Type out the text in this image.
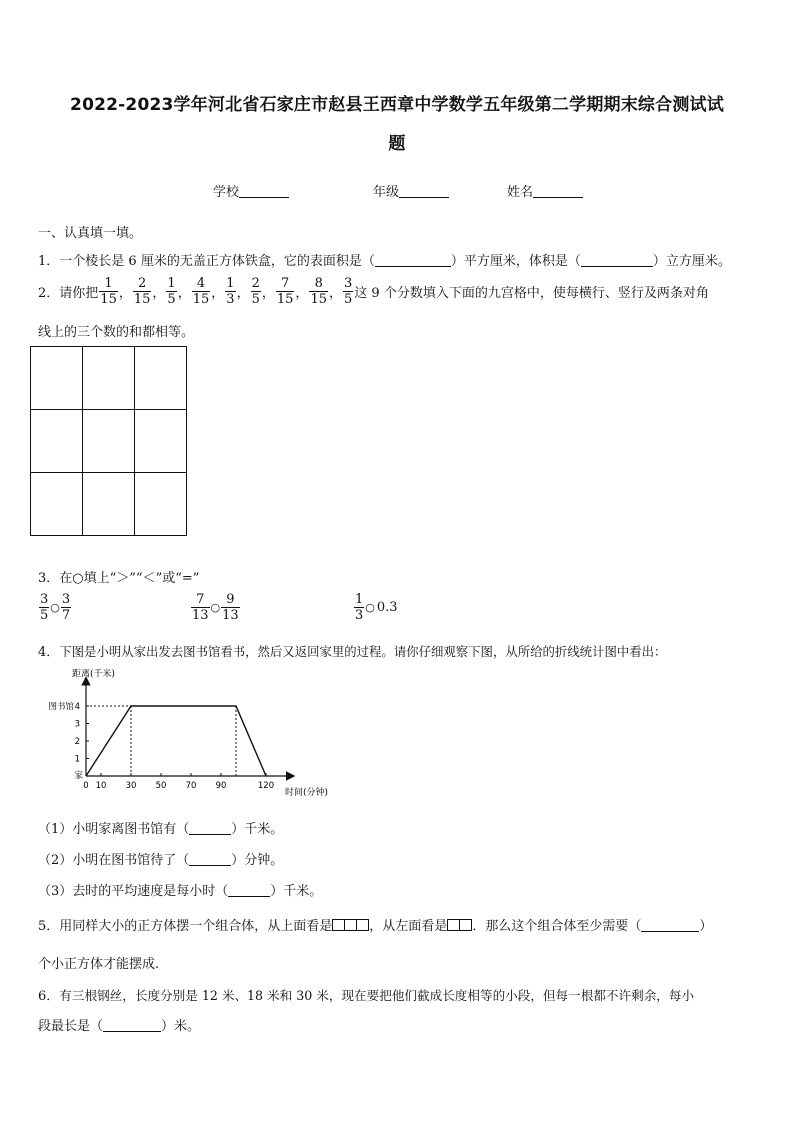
2022-2023学年河北省石家庄市赵县王西章中学数学五年级第二学期期末综合测试试
题
学校	年级	姓名
一、认真填一填。
1．一个棱长是 6 厘米的无盖正方体铁盒，它的表面积是（	）平方厘米，体积是（	）立方厘米。
2． 请你把 $\frac{1}{15}$ ， $\frac{2}{15}$ ， $\frac{1}{5}$ ， $\frac{4}{15}$ ， $\frac{1}{3}$ ， $\frac{2}{5}$ ， $\frac{7}{15}$ ， $\frac{8}{15}$ ， $\frac{3}{5}$ 这 9 个分数填入下面的九宫格中，使每横行、竖行及两条对角
线上的三个数的和都相等。

3．在○填上“＞”“＜”或“=”
$\frac{3}{5}$ ○ $\frac{3}{7}$	$\frac{7}{13}$ ○ $\frac{9}{13}$	$\frac{1}{3}$ ○ 0.3
4．下图是小明从家出发去图书馆看书，然后又返回家里的过程。请你仔细观察下图，从所给的折线统计图中看出：
距离(千米)
时间(分钟)
0 10 30 50 70 90	120
1
2
3
4
图书馆
家
（1）小明家离图书馆有（	）千米。
（2）小明在图书馆待了（	）分钟。
（3）去时的平均速度是每小时（	）千米。
5． 用同样大小的正方体摆一个组合体，从上面看是
			，从左面看是
	．那么这个组合体至少需要（	）
个小正方体才能摆成.
6．有三根钢丝，长度分别是 12 米、18 米和 30 米，现在要把他们截成长度相等的小段，但每一根都不许剩余，每小
段最长是（	）米。
